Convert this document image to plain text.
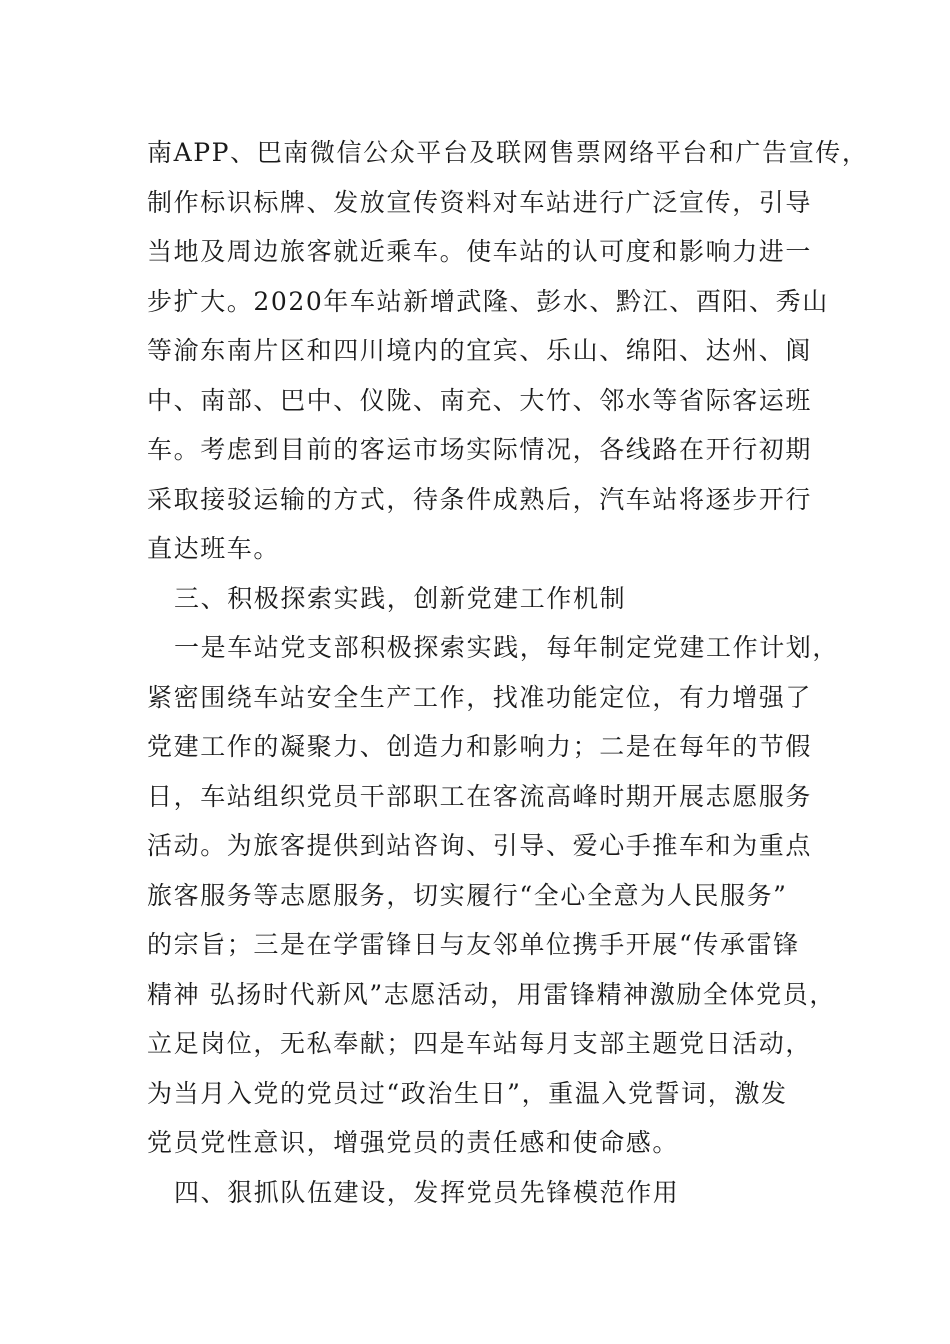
南APP、巴南微信公众平台及联网售票网络平台和广告宣传，
制作标识标牌、发放宣传资料对车站进行广泛宣传，引导
当地及周边旅客就近乘车。使车站的认可度和影响力进一
步扩大。2020年车站新增武隆、彭水、黔江、酉阳、秀山
等渝东南片区和四川境内的宜宾、乐山、绵阳、达州、阆
中、南部、巴中、仪陇、南充、大竹、邻水等省际客运班
车。考虑到目前的客运市场实际情况，各线路在开行初期
采取接驳运输的方式，待条件成熟后，汽车站将逐步开行
直达班车。
三、积极探索实践，创新党建工作机制
一是车站党支部积极探索实践，每年制定党建工作计划，
紧密围绕车站安全生产工作，找准功能定位，有力增强了
党建工作的凝聚力、创造力和影响力；二是在每年的节假
日，车站组织党员干部职工在客流高峰时期开展志愿服务
活动。为旅客提供到站咨询、引导、爱心手推车和为重点
旅客服务等志愿服务，切实履行“全心全意为人民服务”
的宗旨；三是在学雷锋日与友邻单位携手开展“传承雷锋
精神 弘扬时代新风”志愿活动，用雷锋精神激励全体党员，
立足岗位，无私奉献；四是车站每月支部主题党日活动，
为当月入党的党员过“政治生日”，重温入党誓词，激发
党员党性意识，增强党员的责任感和使命感。
四、狠抓队伍建设，发挥党员先锋模范作用
